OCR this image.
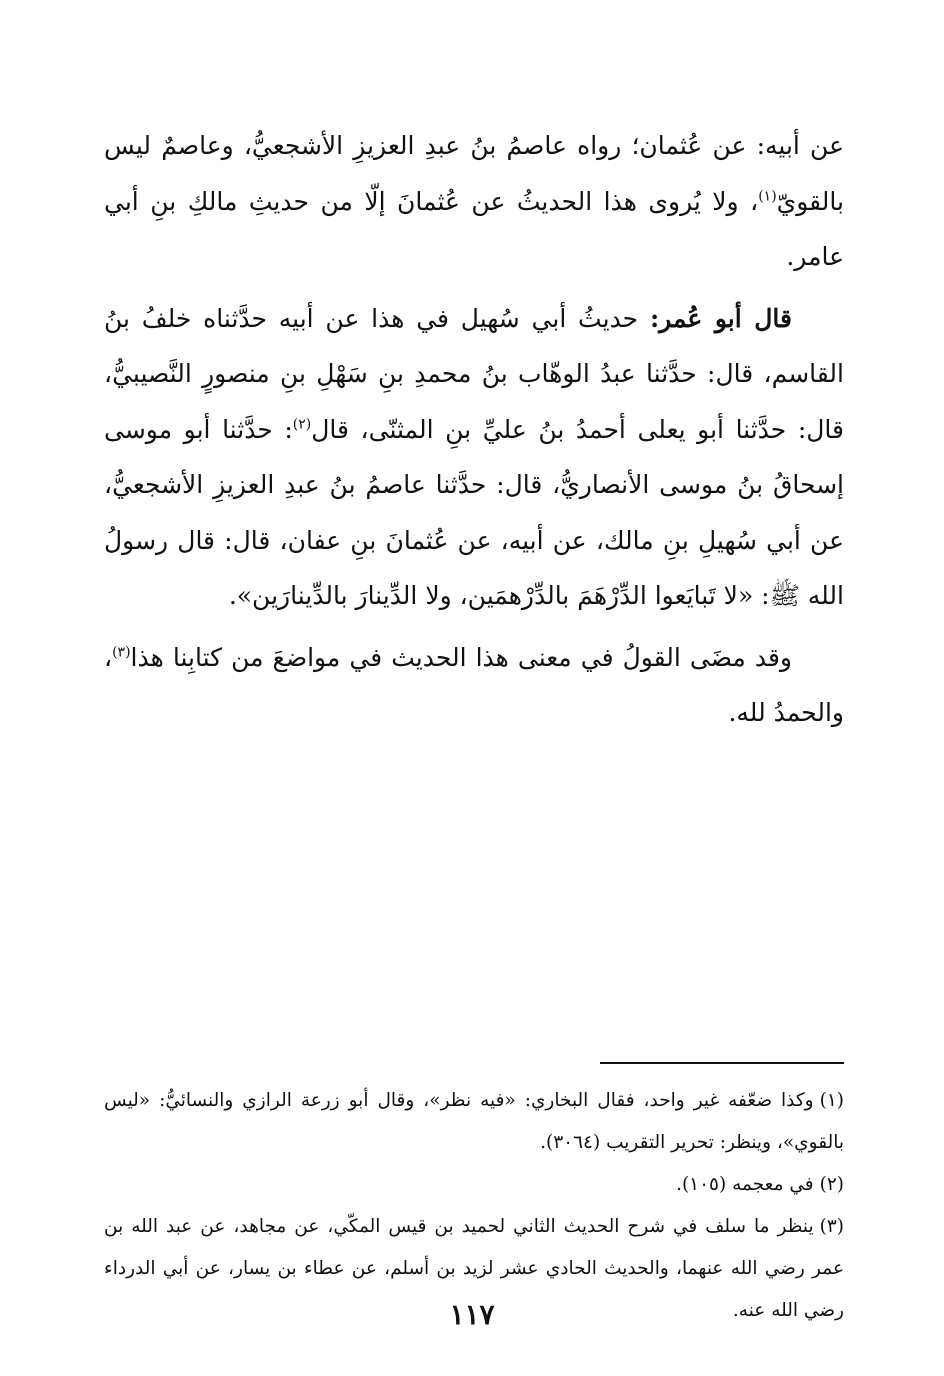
عن أبيه: عن عُثمان؛ رواه عاصمُ بنُ عبدِ العزيزِ الأشجعيُّ، وعاصمٌ ليس بالقويّ$^{(١)}$، ولا يُروى هذا الحديثُ عن عُثمانَ إلّا من حديثِ مالكِ بنِ أبي عامر.

قال أبو عُمر: حديثُ أبي سُهيل في هذا عن أبيه حدَّثناه خلفُ بنُ القاسم، قال: حدَّثنا عبدُ الوهّاب بنُ محمدِ بنِ سَهْلِ بنِ منصورٍ النَّصيبيُّ، قال: حدَّثنا أبو يعلى أحمدُ بنُ عليِّ بنِ المثنّى، قال$^{(٢)}$: حدَّثنا أبو موسى إسحاقُ بنُ موسى الأنصاريُّ، قال: حدَّثنا عاصمُ بنُ عبدِ العزيزِ الأشجعيُّ، عن أبي سُهيلِ بنِ مالك، عن أبيه، عن عُثمانَ بنِ عفان، قال: قال رسولُ الله ﷺ: «لا تَبايَعوا الدِّرْهَمَ بالدِّرْهمَين، ولا الدِّينارَ بالدِّينارَين».

وقد مضَى القولُ في معنى هذا الحديث في مواضعَ من كتابِنا هذا$^{(٣)}$، والحمدُ لله.

(١)وكذا ضعّفه غير واحد، فقال البخاري: «فيه نظر»، وقال أبو زرعة الرازي والنسائيُّ: «ليس بالقوي»، وينظر: تحرير التقريب (٣٠٦٤).

(٢)في معجمه (١٠٥).

(٣)ينظر ما سلف في شرح الحديث الثاني لحميد بن قيس المكّي، عن مجاهد، عن عبد الله بن عمر رضي الله عنهما، والحديث الحادي عشر لزيد بن أسلم، عن عطاء بن يسار، عن أبي الدرداء رضي الله عنه.

١١٧
